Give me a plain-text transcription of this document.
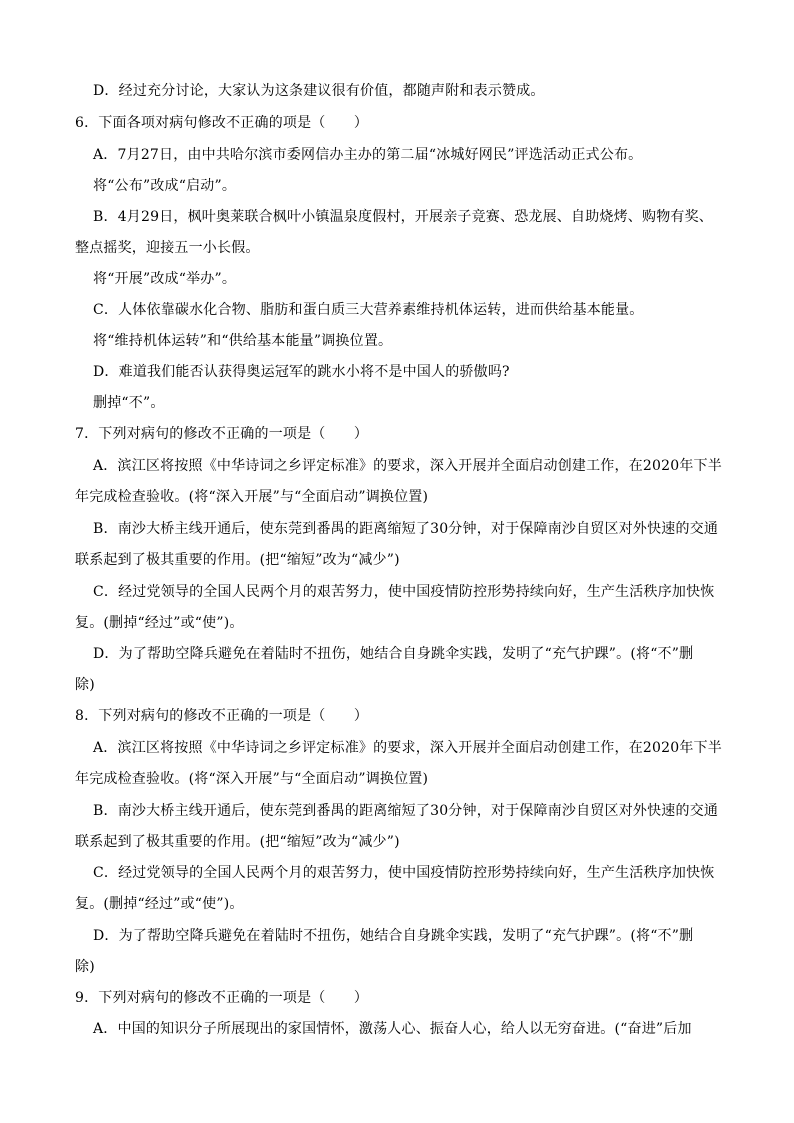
D．经过充分讨论，大家认为这条建议很有价值，都随声附和表示赞成。
6．下面各项对病句修改不正确的项是（　　）
A．7月27日，由中共哈尔滨市委网信办主办的第二届“冰城好网民”评选活动正式公布。
将“公布”改成“启动”。
B．4月29日，枫叶奥莱联合枫叶小镇温泉度假村，开展亲子竞赛、恐龙展、自助烧烤、购物有奖、
整点摇奖，迎接五一小长假。
将“开展”改成“举办”。
C．人体依靠碳水化合物、脂肪和蛋白质三大营养素维持机体运转，进而供给基本能量。
将“维持机体运转”和“供给基本能量”调换位置。
D．难道我们能否认获得奥运冠军的跳水小将不是中国人的骄傲吗?
删掉“不”。
7．下列对病句的修改不正确的一项是（　　）
A．滨江区将按照《中华诗词之乡评定标准》的要求，深入开展并全面启动创建工作，在2020年下半
年完成检查验收。(将“深入开展”与“全面启动”调换位置)
B．南沙大桥主线开通后，使东莞到番禺的距离缩短了30分钟，对于保障南沙自贸区对外快速的交通
联系起到了极其重要的作用。(把“缩短”改为“减少”)
C．经过党领导的全国人民两个月的艰苦努力，使中国疫情防控形势持续向好，生产生活秩序加快恢
复。(删掉“经过”或“使”)。
D．为了帮助空降兵避免在着陆时不扭伤，她结合自身跳伞实践，发明了“充气护踝”。(将“不”删
除)
8．下列对病句的修改不正确的一项是（　　）
A．滨江区将按照《中华诗词之乡评定标准》的要求，深入开展并全面启动创建工作，在2020年下半
年完成检查验收。(将“深入开展”与“全面启动”调换位置)
B．南沙大桥主线开通后，使东莞到番禺的距离缩短了30分钟，对于保障南沙自贸区对外快速的交通
联系起到了极其重要的作用。(把“缩短”改为“减少”)
C．经过党领导的全国人民两个月的艰苦努力，使中国疫情防控形势持续向好，生产生活秩序加快恢
复。(删掉“经过”或“使”)。
D．为了帮助空降兵避免在着陆时不扭伤，她结合自身跳伞实践，发明了“充气护踝”。(将“不”删
除)
9．下列对病句的修改不正确的一项是（　　）
A．中国的知识分子所展现出的家国情怀，激荡人心、振奋人心，给人以无穷奋进。(“奋进”后加
